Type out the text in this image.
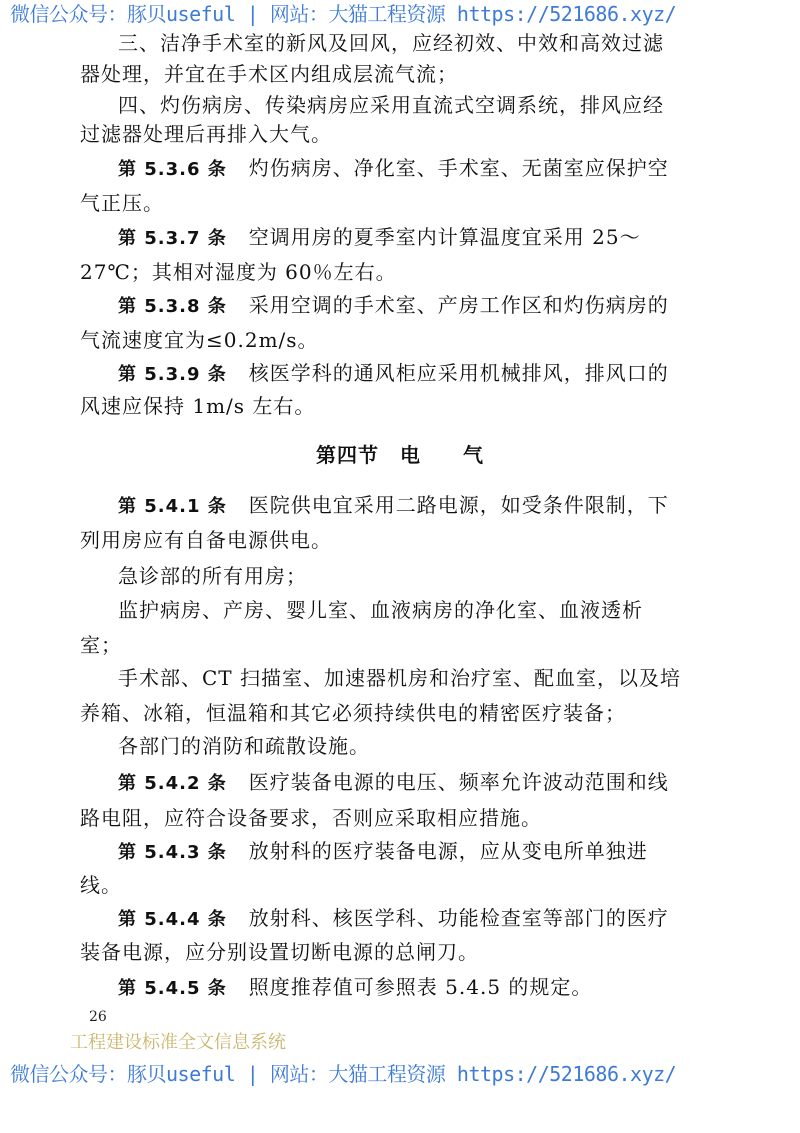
微信公众号：豚贝useful | 网站：大猫工程资源 https://521686.xyz/
三、洁净手术室的新风及回风，应经初效、中效和高效过滤
器处理，并宜在手术区内组成层流气流；
四、灼伤病房、传染病房应采用直流式空调系统，排风应经
过滤器处理后再排入大气。
第 5.3.6 条 灼伤病房、净化室、手术室、无菌室应保护空
气正压。
第 5.3.7 条 空调用房的夏季室内计算温度宜采用 25～
27℃；其相对湿度为 60％左右。
第 5.3.8 条 采用空调的手术室、产房工作区和灼伤病房的
气流速度宜为≤0.2m/s。
第 5.3.9 条 核医学科的通风柜应采用机械排风，排风口的
风速应保持 1m/s 左右。
第 5.4.1 条 医院供电宜采用二路电源，如受条件限制，下
列用房应有自备电源供电。
急诊部的所有用房；
监护病房、产房、婴儿室、血液病房的净化室、血液透析
室；
手术部、CT 扫描室、加速器机房和治疗室、配血室，以及培
养箱、冰箱，恒温箱和其它必须持续供电的精密医疗装备；
各部门的消防和疏散设施。
第 5.4.2 条 医疗装备电源的电压、频率允许波动范围和线
路电阻，应符合设备要求，否则应采取相应措施。
第 5.4.3 条 放射科的医疗装备电源，应从变电所单独进
线。
第 5.4.4 条 放射科、核医学科、功能检查室等部门的医疗
装备电源，应分别设置切断电源的总闸刀。
第 5.4.5 条 照度推荐值可参照表 5.4.5 的规定。
第四节　电　　气
26
工程建设标准全文信息系统
微信公众号：豚贝useful | 网站：大猫工程资源 https://521686.xyz/
